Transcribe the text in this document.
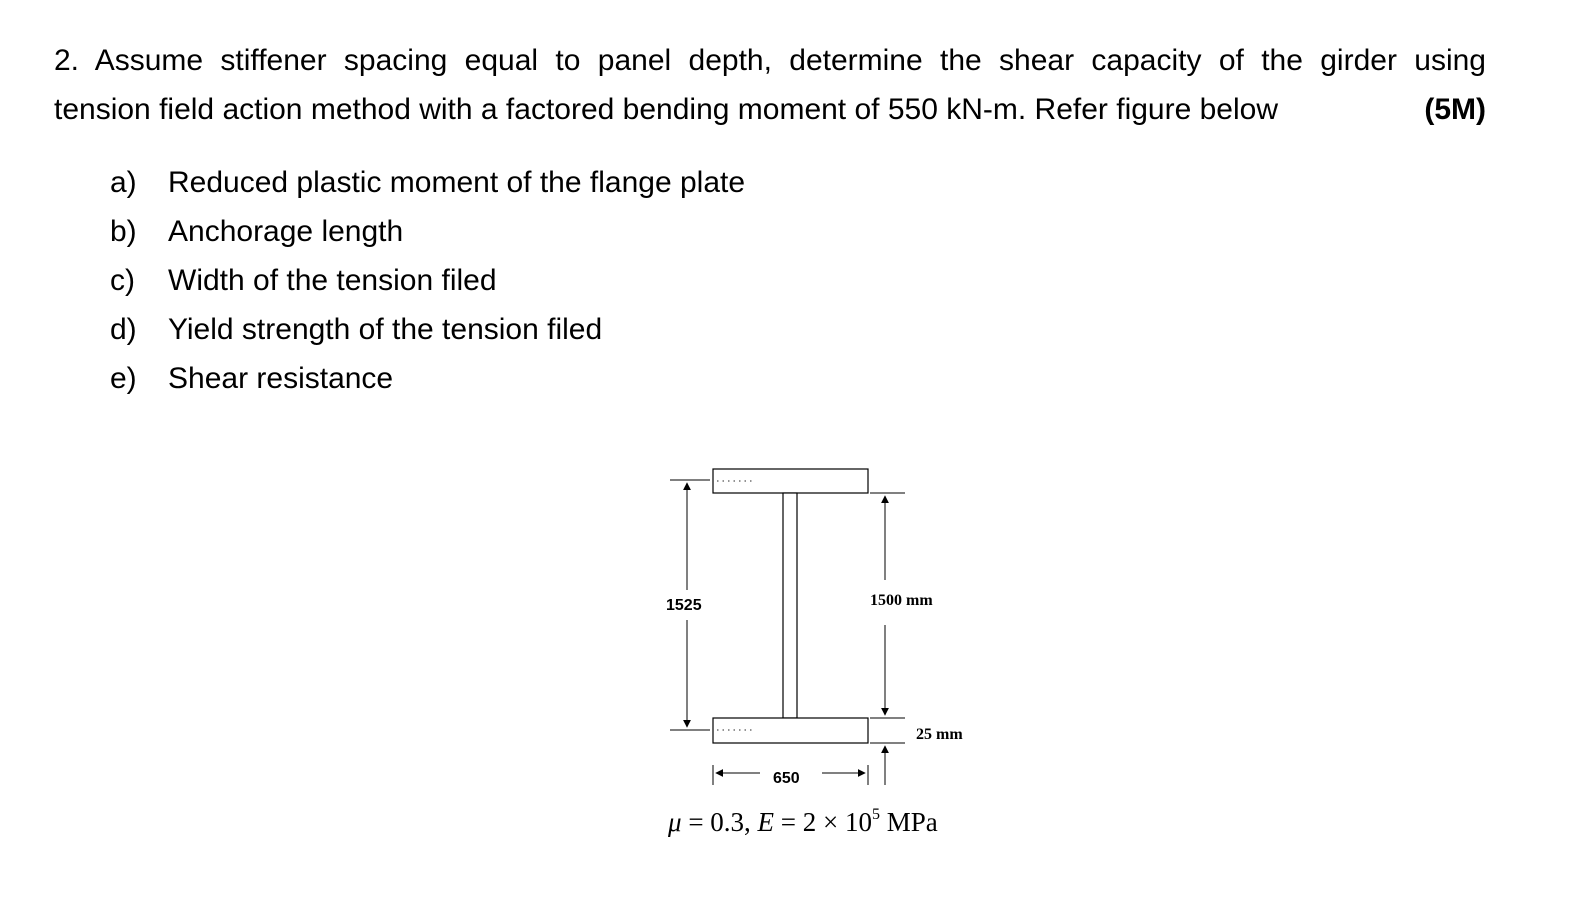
2. Assume stiffener spacing equal to panel depth, determine the shear capacity of the girder using
tension field action method with a factored bending moment of 550 kN-m. Refer figure below	(5M)
a) Reduced plastic moment of the flange plate
b) Anchorage length
c) Width of the tension filed
d) Yield strength of the tension filed
e) Shear resistance
1525	1500 mm
25 mm
650
μ = 0.3, $E = 2 \times 10^5$ MPa
